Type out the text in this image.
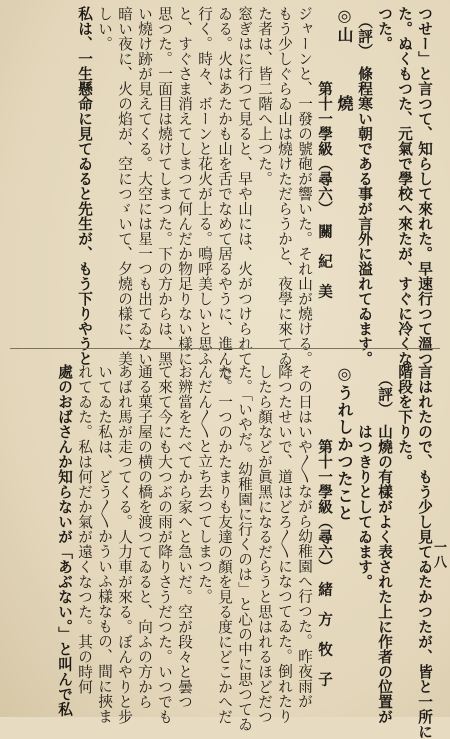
つせー」と言つて、知らして來れた。早速行つて溫つ
た。ぬくもつた、元氣で學校へ來たが、すぐに冷くな
つた。
　（評）　條程寒い朝である事が言外に溢れてゐます。
◎山　　　燒
　　　　　第十一學級（尋六）　關　紀　美
ジャーンと、一發の號砲が響いた。それ山が燒ける。
もう少しぐらゐ山は燒けただらうかと、夜學に來てゐ
た者は、皆二階へ上つた。
窓ぎはに行つて見ると、早や山には、火がつけられて
ゐる。火はあたかも山を舌でなめて居るやうに、進んで
行く。時々、ボーンと花火が上る。鳴呼美しいと思ふ
と、すぐさま消えてしまつて何んだか物足りない樣に
思つた。一面目は燒けてしまつた。下の方からは、黑
い燒け跡が見えてくる。大空には星一つも出てゐない
暗い夜に、火の焰が、空につゞいて、夕燒の樣に、美
しい。
私は、一生懸命に見てゐると先生が、もう下りやうと
言はれたので、もう少し見てゐたかつたが、皆と一所に
階段を下りた。
　（評）　山燒の有樣がよく表された上に作者の位置が
　　　　はつきりとしてゐます。
◎うれしかつたこと
　　　　　第十一學級（尋六）　緒　方　牧　子
その日はいや〳〵ながら幼稚園へ行つた。昨夜雨が
降つたせいで、道はどろ〳〵になつてゐた。倒れたり
したら顏などが眞黑になるだらうと思はれるほどだつ
た。「いやだ。幼稚園に行くのは」と心の中に思つてゐ
た。一つのかたまりも友達の顏を見る度にどこかへだ
んだん〳〵と立ち去つてしまつた。
お辨當をたべてから家へと急いだ。空が段々と曇つ
て來て今にも大つぶの雨が降りさうだつた。いつでも
通る菓子屋の横の橋を渡つてゐると、向ふの方から
あばれ馬が走つてくる。人力車が來る。ぼんやりと步
いてゐた私は、どう〳〵かういふ樣なもの、間に挾ま
れてゐた。私は何だか氣が遠くなつた。其の時何
處のおばさんか知らないが「あぶない。」と叫んで私	一八
